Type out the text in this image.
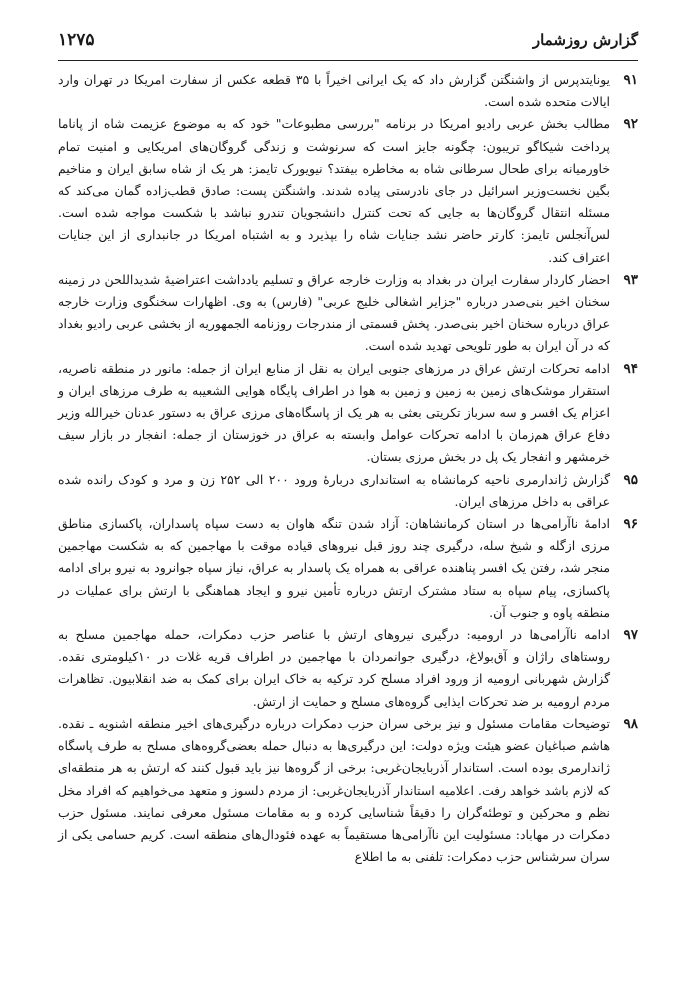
گزارش روزشمار
۱۲۷۵
۹۱
یونایتدپرس از واشنگتن گزارش داد که یک ایرانی اخیراً با ۳۵ قطعه عکس از سفارت امریکا در تهران وارد ایالات متحده شده است.
۹۲
مطالب بخش عربی رادیو امریکا در برنامه "بررسی مطبوعات" خود که به موضوع عزیمت شاه از پاناما پرداخت شیکاگو تریبون: چگونه جایز است که سرنوشت و زندگی گروگان‌های امریکایی و امنیت تمام خاورمیانه برای طحال سرطانی شاه به مخاطره بیفتد؟ نیویورک تایمز: هر یک از شاه سابق ایران و مناخیم بگین نخست‌وزیر اسرائیل در جای نادرستی پیاده شدند. واشنگتن پست: صادق قطب‌زاده گمان می‌کند که مسئله انتقال گروگان‌ها به جایی که تحت کنترل دانشجویان تندرو نباشد با شکست مواجه شده است. لس‌آنجلس تایمز: کارتر حاضر نشد جنایات شاه را بپذیرد و به اشتباه امریکا در جانبداری از این جنایات اعتراف کند.
۹۳
احضار کاردار سفارت ایران در بغداد به وزارت خارجه عراق و تسلیم یادداشت اعتراضیهٔ شدیداللحن در زمینه سخنان اخیر بنی‌صدر درباره "جزایر اشغالی خلیج عربی" (فارس) به وی. اظهارات سخنگوی وزارت خارجه عراق درباره سخنان اخیر بنی‌صدر. پخش قسمتی از مندرجات روزنامه الجمهوریه از بخشی عربی رادیو بغداد که در آن ایران به طور تلویحی تهدید شده است.
۹۴
ادامه تحرکات ارتش عراق در مرزهای جنوبی ایران به نقل از منابع ایران از جمله: مانور در منطقه ناصریه، استقرار موشک‌های زمین به زمین و زمین به هوا در اطراف پایگاه هوایی الشعیبه به طرف مرزهای ایران و اعزام یک افسر و سه سرباز تکریتی بعثی به هر یک از پاسگاه‌های مرزی عراق به دستور عدنان خیرالله وزیر دفاع عراق هم‌زمان با ادامه تحرکات عوامل وابسته به عراق در خوزستان از جمله: انفجار در بازار سیف خرمشهر و انفجار یک پل در بخش مرزی بستان.
۹۵
گزارش ژاندارمری ناحیه کرمانشاه به استانداری دربارهٔ ورود ۲۰۰ الی ۲۵۲ زن و مرد و کودک رانده شده عراقی به داخل مرزهای ایران.
۹۶
ادامهٔ ناآرامی‌ها در استان کرمانشاهان: آزاد شدن تنگه هاوان به دست سپاه پاسداران، پاکسازی مناطق مرزی ازگله و شیخ سله، درگیری چند روز قبل نیروهای قیاده موقت با مهاجمین که به شکست مهاجمین منجر شد، رفتن یک افسر پناهنده عراقی به همراه یک پاسدار به عراق، نیاز سپاه جوانرود به نیرو برای ادامه پاکسازی، پیام سپاه به ستاد مشترک ارتش درباره تأمین نیرو و ایجاد هماهنگی با ارتش برای عملیات در منطقه پاوه و جنوب آن.
۹۷
ادامه ناآرامی‌ها در ارومیه: درگیری نیروهای ارتش با عناصر حزب دمکرات، حمله مهاجمین مسلح به روستاهای راژان و آق‌بولاغ، درگیری جوانمردان با مهاجمین در اطراف قریه غلات در ۱۰کیلومتری نقده. گزارش شهربانی ارومیه از ورود افراد مسلح کرد ترکیه به خاک ایران برای کمک به ضد انقلابیون. تظاهرات مردم ارومیه بر ضد تحرکات ایذایی گروه‌های مسلح و حمایت از ارتش.
۹۸
توضیحات مقامات مسئول و نیز برخی سران حزب دمکرات درباره درگیری‌های اخیر منطقه اشنویه ـ نقده. هاشم صباغیان عضو هیئت ویژه دولت: این درگیری‌ها به دنبال حمله بعضی‌گروه‌های مسلح به طرف پاسگاه ژاندارمری بوده است. استاندار آذربایجان‌غربی: برخی از گروه‌ها نیز باید قبول کنند که ارتش به هر منطقه‌ای که لازم باشد خواهد رفت. اعلامیه استاندار آذربایجان‌غربی: از مردم دلسوز و متعهد می‌خواهیم که افراد مخل نظم و محرکین و توطئه‌گران را دقیقاً شناسایی کرده و به مقامات مسئول معرفی نمایند. مسئول حزب دمکرات در مهاباد: مسئولیت این ناآرامی‌ها مستقیماً به عهده فئودال‌های منطقه است. کریم حسامی یکی از سران سرشناس حزب دمکرات: تلفنی به ما اطلاع
